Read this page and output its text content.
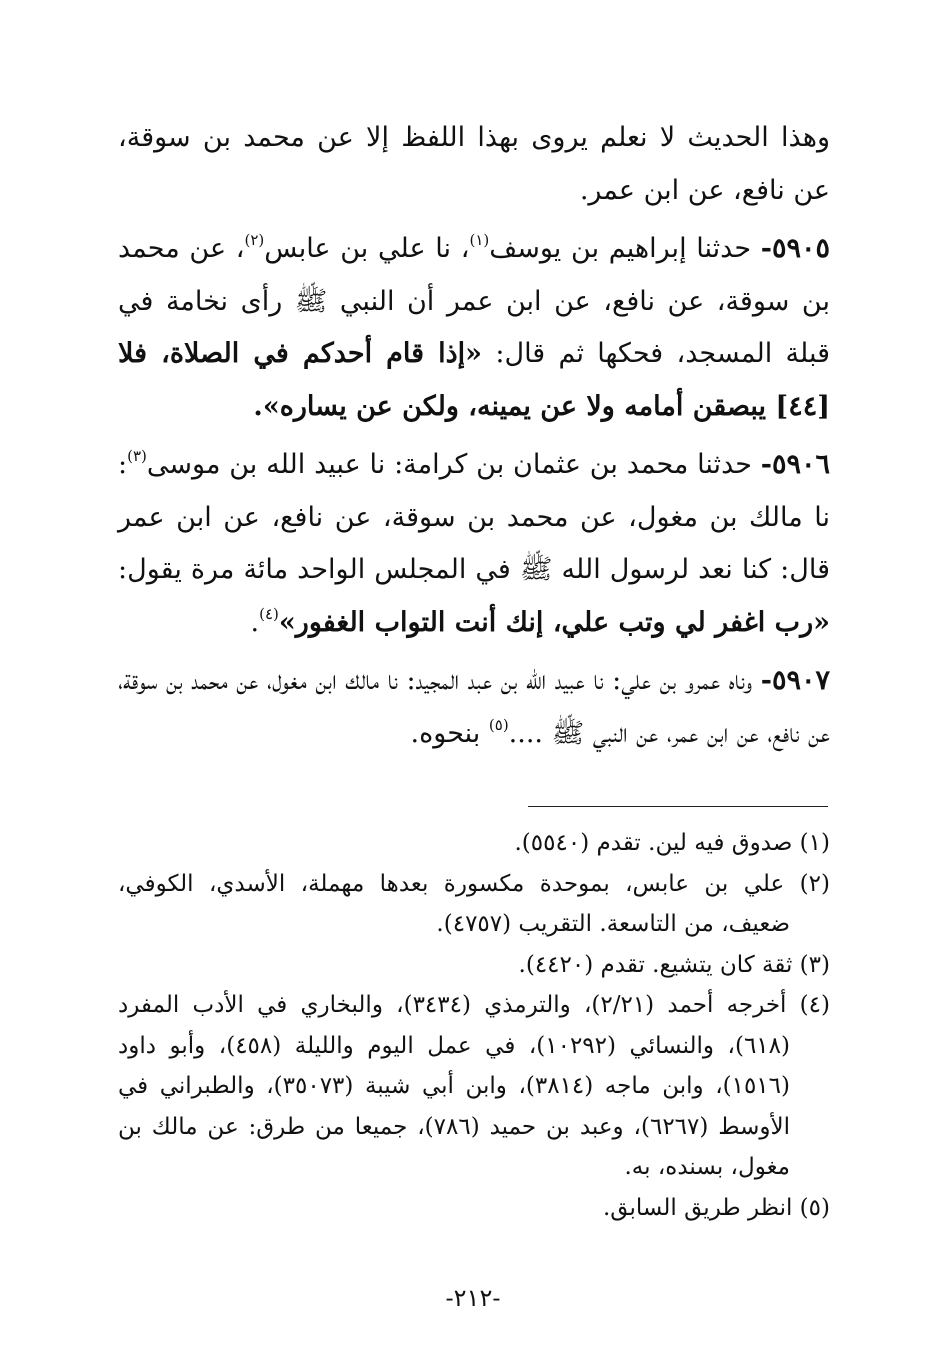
وهذا الحديث لا نعلم يروى بهذا اللفظ إلا عن محمد بن سوقة، عن نافع، عن ابن عمر.

٥٩٠٥- حدثنا إبراهيم بن يوسف$^{(١)}$، نا علي بن عابس$^{(٢)}$، عن محمد بن سوقة، عن نافع، عن ابن عمر أن النبي ﷺ رأى نخامة في قبلة المسجد، فحكها ثم قال: «إذا قام أحدكم في الصلاة، فلا [٤٤] يبصقن أمامه ولا عن يمينه، ولكن عن يساره».

٥٩٠٦- حدثنا محمد بن عثمان بن كرامة: نا عبيد الله بن موسى$^{(٣)}$: نا مالك بن مغول، عن محمد بن سوقة، عن نافع، عن ابن عمر قال: كنا نعد لرسول الله ﷺ في المجلس الواحد مائة مرة يقول: «رب اغفر لي وتب علي، إنك أنت التواب الغفور»$^{(٤)}$.

٥٩٠٧- وناه عمرو بن علي: نا عبيد الله بن عبد المجيد: نا مالك ابن مغول، عن محمد بن سوقة، عن نافع، عن ابن عمر، عن النبي ﷺ ....$^{(٥)}$ بنحوه.

(١) صدوق فيه لين. تقدم (٥٥٤٠).

(٢) علي بن عابس، بموحدة مكسورة بعدها مهملة، الأسدي، الكوفي، ضعيف، من التاسعة. التقريب (٤٧٥٧).

(٣) ثقة كان يتشيع. تقدم (٤٤٢٠).

(٤) أخرجه أحمد (٢/٢١)، والترمذي (٣٤٣٤)، والبخاري في الأدب المفرد (٦١٨)، والنسائي (١٠٢٩٢)، في عمل اليوم والليلة (٤٥٨)، وأبو داود (١٥١٦)، وابن ماجه (٣٨١٤)، وابن أبي شيبة (٣٥٠٧٣)، والطبراني في الأوسط (٦٢٦٧)، وعبد بن حميد (٧٨٦)، جميعا من طرق: عن مالك بن مغول، بسنده، به.

(٥) انظر طريق السابق.

-٢١٢-
